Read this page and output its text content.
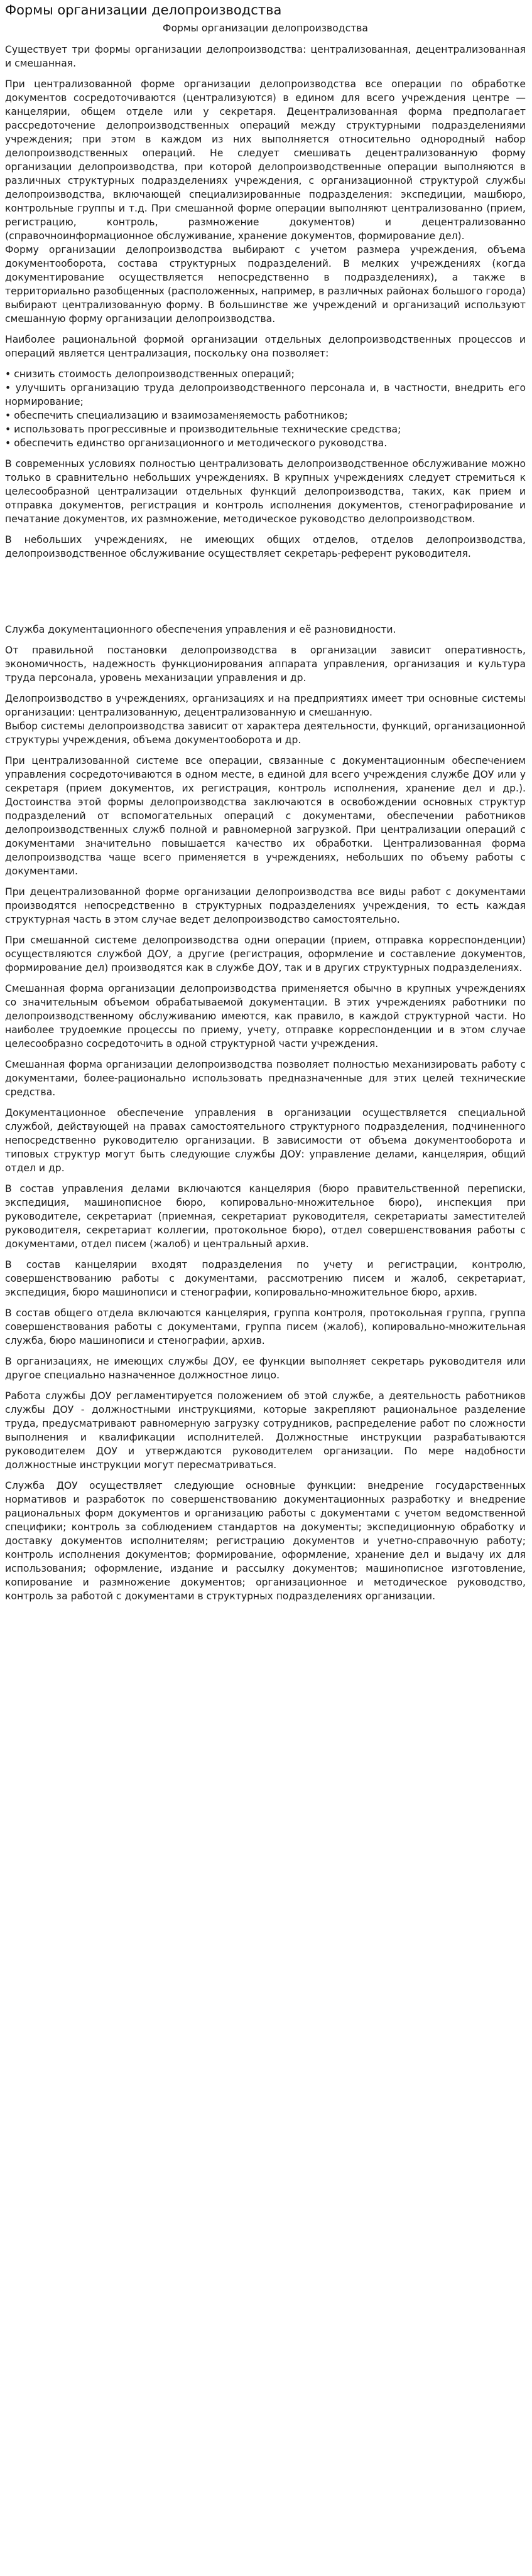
Формы организации делопроизводства
Формы организации делопроизводства

Существует три формы организации делопроизводства: централизованная, децентрализованная и смешанная.

При централизованной форме организации делопроизводства все операции по обработке документов сосредоточиваются (централизуются) в едином для всего учреждения центре — канцелярии, общем отделе или у секретаря. Децентрализованная форма предполагает рассредоточение делопроизводственных операций между структурными подразделениями учреждения; при этом в каждом из них выполняется относительно однородный набор делопроизводственных операций. Не следует смешивать децентрализованную форму организации делопроизводства, при которой делопроизводственные операции выполняются в различных структурных подразделениях учреждения, с организационной структурой службы делопроизводства, включающей специализированные подразделения: экспедиции, машбюро, контрольные группы и т.д. При смешанной форме операции выполняют централизованно (прием, регистрацию, контроль, размножение документов) и децентрализованно (справочноинформационное обслуживание, хранение документов, формирование дел).

Форму организации делопроизводства выбирают с учетом размера учреждения, объема документооборота, состава структурных подразделений. В мелких учреждениях (когда документирование осуществляется непосредственно в подразделениях), а также в территориально разобщенных (расположенных, например, в различных районах большого города) выбирают централизованную форму. В большинстве же учреждений и организаций используют смешанную форму организации делопроизводства.

Наиболее рациональной формой организации отдельных делопроизводственных процессов и операций является централизация, поскольку она позволяет:

• снизить стоимость делопроизводственных операций;
• улучшить организацию труда делопроизводственного персонала и, в частности, внедрить его нормирование;
• обеспечить специализацию и взаимозаменяемость работников;
• использовать прогрессивные и производительные технические средства;
• обеспечить единство организационного и методического руководства.

В современных условиях полностью централизовать делопроизводственное обслуживание можно только в сравнительно небольших учреждениях. В крупных учреждениях следует стремиться к целесообразной централизации отдельных функций делопроизводства, таких, как прием и отправка документов, регистрация и контроль исполнения документов, стенографирование и печатание документов, их размножение, методическое руководство делопроизводством.

В небольших учреждениях, не имеющих общих отделов, отделов делопроизводства, делопроизводственное обслуживание осуществляет секретарь-референт руководителя.

Служба документационного обеспечения управления и её разновидности.

От правильной постановки делопроизводства в организации зависит оперативность, экономичность, надежность функционирования аппарата управления, организация и культура труда персонала, уровень механизации управления и др.

Делопроизводство в учреждениях, организациях и на предприятиях имеет три основные системы организации: централизованную, децентрализованную и смешанную.

Выбор системы делопроизводства зависит от характера деятельности, функций, организационной структуры учреждения, объема документооборота и др.

При централизованной системе все операции, связанные с документационным обеспечением управления сосредоточиваются в одном месте, в единой для всего учреждения службе ДОУ или у секретаря (прием документов, их регистрация, контроль исполнения, хранение дел и др.). Достоинства этой формы делопроизводства заключаются в освобождении основных структур подразделений от вспомогательных операций с документами, обеспечении работников делопроизводственных служб полной и равномерной загрузкой. При централизации операций с документами значительно повышается качество их обработки. Централизованная форма делопроизводства чаще всего применяется в учреждениях, небольших по объему работы с документами.

При децентрализованной форме организации делопроизводства все виды работ с документами производятся непосредственно в структурных подразделениях учреждения, то есть каждая структурная часть в этом случае ведет делопроизводство самостоятельно.

При смешанной системе делопроизводства одни операции (прием, отправка корреспонденции) осуществляются службой ДОУ, а другие (регистрация, оформление и составление документов, формирование дел) производятся как в службе ДОУ, так и в других структурных подразделениях.

Смешанная форма организации делопроизводства применяется обычно в крупных учреждениях со значительным объемом обрабатываемой документации. В этих учреждениях работники по делопроизводственному обслуживанию имеются, как правило, в каждой структурной части. Но наиболее трудоемкие процессы по приему, учету, отправке корреспонденции и в этом случае целесообразно сосредоточить в одной структурной части учреждения.

Смешанная форма организации делопроизводства позволяет полностью механизировать работу с документами, более-рационально использовать предназначенные для этих целей технические средства.

Документационное обеспечение управления в организации осуществляется специальной службой, действующей на правах самостоятельного структурного подразделения, подчиненного непосредственно руководителю организации. В зависимости от объема документооборота и типовых структур могут быть следующие службы ДОУ: управление делами, канцелярия, общий отдел и др.

В состав управления делами включаются канцелярия (бюро правительственной переписки, экспедиция, машинописное бюро, копировально-множительное бюро), инспекция при руководителе, секретариат (приемная, секретариат руководителя, секретариаты заместителей руководителя, секретариат коллегии, протокольное бюро), отдел совершенствования работы с документами, отдел писем (жалоб) и центральный архив.

В состав канцелярии входят подразделения по учету и регистрации, контролю, совершенствованию работы с документами, рассмотрению писем и жалоб, секретариат, экспедиция, бюро машинописи и стенографии, копировально-множительное бюро, архив.

В состав общего отдела включаются канцелярия, группа контроля, протокольная группа, группа совершенствования работы с документами, группа писем (жалоб), копировально-множительная служба, бюро машинописи и стенографии, архив.

В организациях, не имеющих службы ДОУ, ее функции выполняет секретарь руководителя или другое специально назначенное должностное лицо.

Работа службы ДОУ регламентируется положением об этой службе, а деятельность работников службы ДОУ - должностными инструкциями, которые закрепляют рациональное разделение труда, предусматривают равномерную загрузку сотрудников, распределение работ по сложности выполнения и квалификации исполнителей. Должностные инструкции разрабатываются руководителем ДОУ и утверждаются руководителем организации. По мере надобности должностные инструкции могут пересматриваться.

Служба ДОУ осуществляет следующие основные функции: внедрение государственных нормативов и разработок по совершенствованию документационных разработку и внедрение рациональных форм документов и организацию работы с документами с учетом ведомственной специфики; контроль за соблюдением стандартов на документы; экспедиционную обработку и доставку документов исполнителям; регистрацию документов и учетно-справочную работу; контроль исполнения документов; формирование, оформление, хранение дел и выдачу их для использования; оформление, издание и рассылку документов; машинописное изготовление, копирование и размножение документов; организационное и методическое руководство, контроль за работой с документами в структурных подразделениях организации.
